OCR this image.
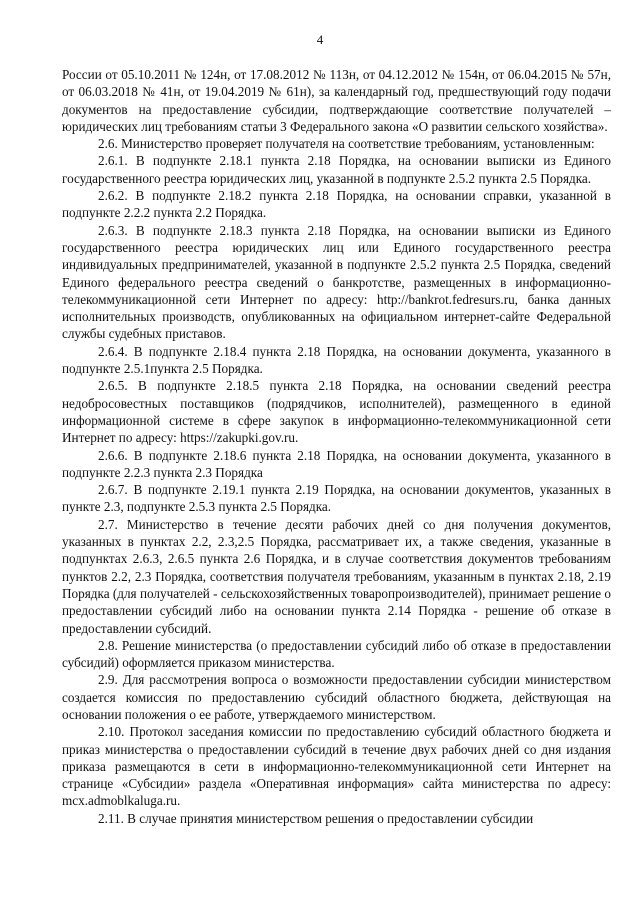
4

России от 05.10.2011 № 124н, от 17.08.2012 № 113н, от 04.12.2012 № 154н, от 06.04.2015 № 57н, от 06.03.2018 № 41н, от 19.04.2019 № 61н), за календарный год, предшествующий году подачи документов на предоставление субсидии, подтверждающие соответствие получателей – юридических лиц требованиям статьи 3 Федерального закона «О развитии сельского хозяйства».

2.6. Министерство проверяет получателя на соответствие требованиям, установленным:

2.6.1. В подпункте 2.18.1 пункта 2.18 Порядка, на основании выписки из Единого государственного реестра юридических лиц, указанной в подпункте 2.5.2 пункта 2.5 Порядка.

2.6.2. В подпункте 2.18.2 пункта 2.18 Порядка, на основании справки, указанной в подпункте 2.2.2 пункта 2.2 Порядка.

2.6.3. В подпункте 2.18.3 пункта 2.18 Порядка, на основании выписки из Единого государственного реестра юридических лиц или Единого государственного реестра индивидуальных предпринимателей, указанной в подпункте 2.5.2 пункта 2.5 Порядка, сведений Единого федерального реестра сведений о банкротстве, размещенных в информационно-телекоммуникационной сети Интернет по адресу: http://bankrot.fedresurs.ru, банка данных исполнительных производств, опубликованных на официальном интернет-сайте Федеральной службы судебных приставов.

2.6.4. В подпункте 2.18.4 пункта 2.18 Порядка, на основании документа, указанного в подпункте 2.5.1пункта 2.5 Порядка.

2.6.5. В подпункте 2.18.5 пункта 2.18 Порядка, на основании сведений реестра недобросовестных поставщиков (подрядчиков, исполнителей), размещенного в единой информационной системе в сфере закупок в информационно-телекоммуникационной сети Интернет по адресу: https://zakupki.gov.ru.

2.6.6. В подпункте 2.18.6 пункта 2.18 Порядка, на основании документа, указанного в подпункте 2.2.3 пункта 2.3 Порядка

2.6.7. В подпункте 2.19.1 пункта 2.19 Порядка, на основании документов, указанных в пункте 2.3, подпункте 2.5.3 пункта 2.5 Порядка.

2.7. Министерство в течение десяти рабочих дней со дня получения документов, указанных в пунктах 2.2, 2.3,2.5 Порядка, рассматривает их, а также сведения, указанные в подпунктах 2.6.3, 2.6.5 пункта 2.6 Порядка, и в случае соответствия документов требованиям пунктов 2.2, 2.3 Порядка, соответствия получателя требованиям, указанным в пунктах 2.18, 2.19 Порядка (для получателей - сельскохозяйственных товаропроизводителей), принимает решение о предоставлении субсидий либо на основании пункта 2.14 Порядка - решение об отказе в предоставлении субсидий.

2.8. Решение министерства (о предоставлении субсидий либо об отказе в предоставлении субсидий) оформляется приказом министерства.

2.9. Для рассмотрения вопроса о возможности предоставлении субсидии министерством создается комиссия по предоставлению субсидий областного бюджета, действующая на основании положения о ее работе, утверждаемого министерством.

2.10. Протокол заседания комиссии по предоставлению субсидий областного бюджета и приказ министерства о предоставлении субсидий в течение двух рабочих дней со дня издания приказа размещаются в сети в информационно-телекоммуникационной сети Интернет на странице «Субсидии» раздела «Оперативная информация» сайта министерства по адресу: mcx.admoblkaluga.ru.

2.11. В случае принятия министерством решения о предоставлении субсидии
